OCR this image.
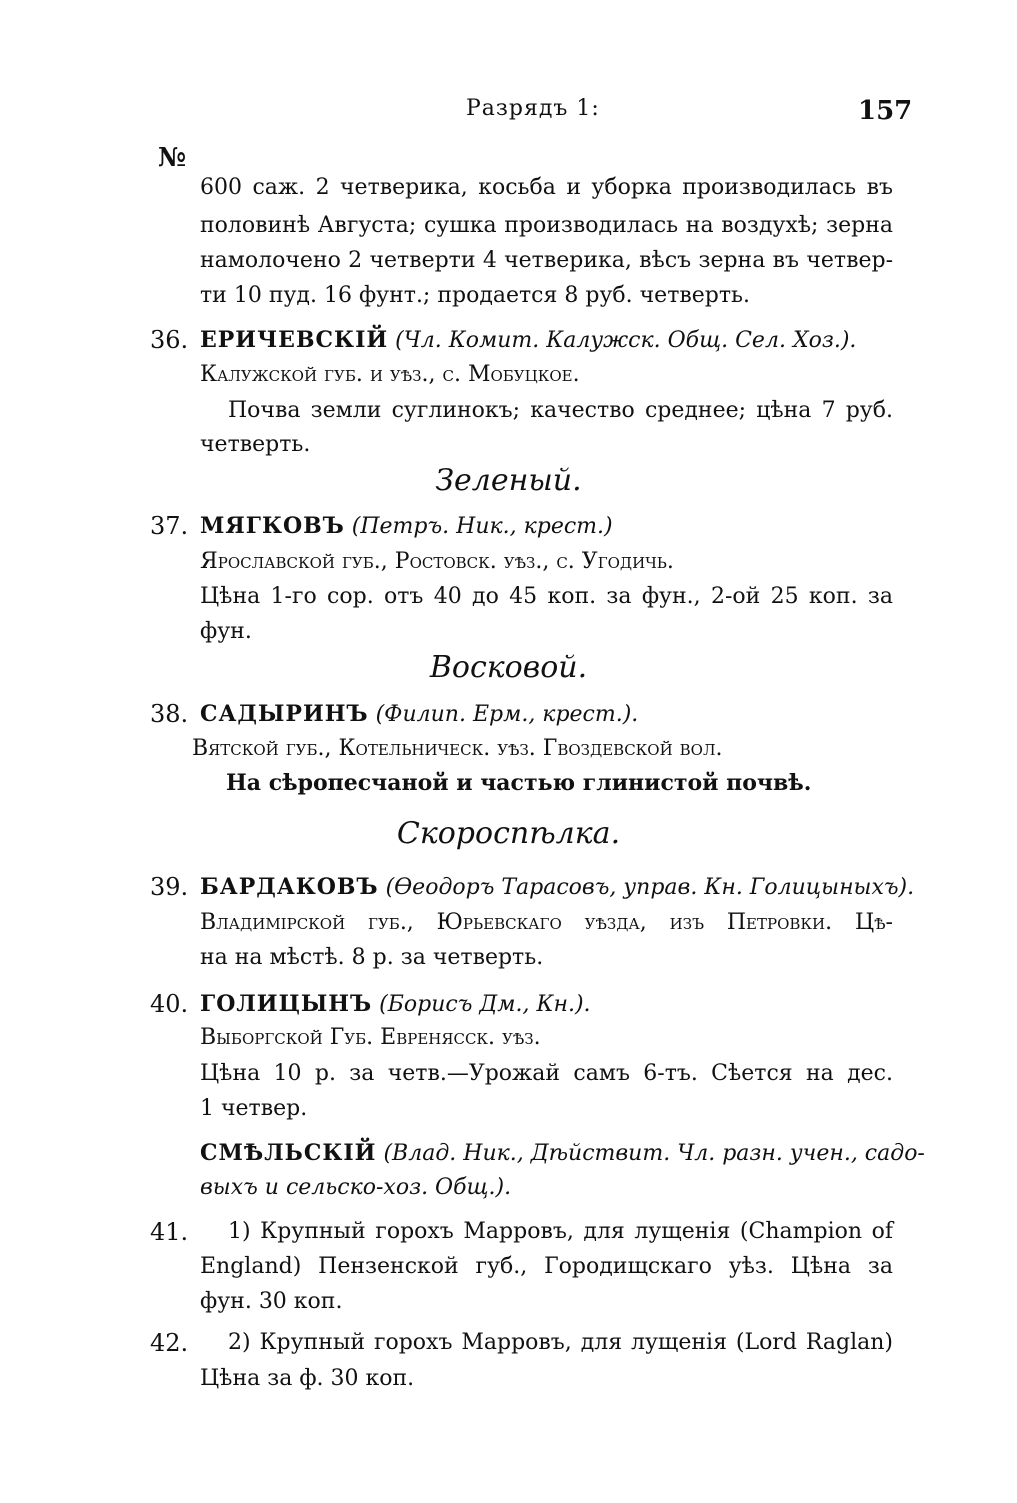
Разрядъ 1:	157
№
600 саж. 2 четверика, косьба и уборка производилась въ
половинѣ Августа; сушка производилась на воздухѣ; зерна
намолочено 2 четверти 4 четверика, вѣсъ зерна въ четвер-
ти 10 пуд. 16 фунт.; продается 8 руб. четверть.
36. ЕРИЧЕВСКІЙ (Чл. Комит. Калужск. Общ. Сел. Хоз.).
Калужской губ. и уѣз., с. Мобуцкое.
Почва земли суглинокъ; качество среднее; цѣна 7 руб.
четверть.
Зеленый.
37. МЯГКОВЪ (Петръ. Ник., крест.)
Ярославской губ., Ростовск. уѣз., с. Угодичь.
Цѣна 1-го сор. отъ 40 до 45 коп. за фун., 2-ой 25 коп. за
фун.
Восковой.
38. САДЫРИНЪ (Филип. Ерм., крест.).
Вятской губ., Котельническ. уѣз. Гвоздевской вол.
На сѣропесчаной и частью глинистой почвѣ.
Скороспѣлка.
39. БАРДАКОВЪ (Ѳеодоръ Тарасовъ, управ. Кн. Голицыныхъ).
Владимірской губ., Юрьевскаго уѣзда, изъ Петровки. Цѣ-
на на мѣстѣ. 8 р. за четверть.
40. ГОЛИЦЫНЪ (Борисъ Дм., Кн.).
Выборгской Губ. Евренясск. уѣз.
Цѣна 10 р. за четв.—Урожай самъ 6-тъ. Сѣется на дес.
1 четвер.
СМѢЛЬСКІЙ (Влад. Ник., Дѣйствит. Чл. разн. учен., садо-
выхъ и сельско-хоз. Общ.).
41. 1) Крупный горохъ Марровъ, для лущенія (Champion of
England) Пензенской губ., Городищскаго уѣз. Цѣна за
фун. 30 коп.
42. 2) Крупный горохъ Марровъ, для лущенія (Lord Raglan)
Цѣна за ф. 30 коп.
